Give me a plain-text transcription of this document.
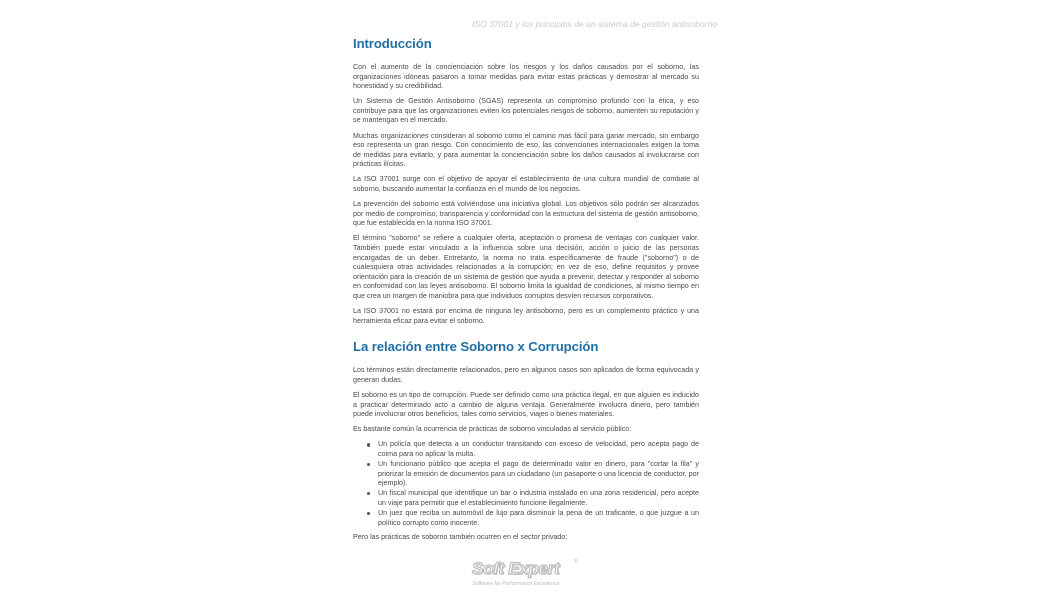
ISO 37001 y los principios de un sistema de gestión antisoborno
Introducción

Con el aumento de la concienciación sobre los riesgos y los daños causados por el soborno, las organizaciones idóneas pasaron a tomar medidas para evitar estas prácticas y demostrar al mercado su honestidad y su credibilidad.

Un Sistema de Gestión Antisoborno (SGAS) representa un compromiso profundo con la ética, y eso contribuye para que las organizaciones eviten los potenciales riesgos de soborno, aumenten su reputación y se mantengan en el mercado.

Muchas organizaciones consideran al soborno como el camino mas fácil para ganar mercado, sin embargo eso representa un gran riesgo. Con conocimiento de eso, las convenciones internacionales exigen la toma de medidas para evitarlo, y para aumentar la concienciación sobre los daños causados al involucrarse con prácticas ilícitas.

La ISO 37001 surge con el objetivo de apoyar el establecimiento de una cultura mundial de combate al soborno, buscando aumentar la confianza en el mundo de los negocios.

La prevención del soborno está volviéndose una iniciativa global. Los objetivos sólo podrán ser alcanzados por medio de compromiso, transparencia y conformidad con la estructura del sistema de gestión antisoborno, que fue establecida en la norma ISO 37001.

El término "soborno" se refiere a cualquier oferta, aceptación o promesa de ventajas con cualquier valor. También puede estar vinculado a la influencia sobre una decisión, acción o juicio de las personas encargadas de un deber. Entretanto, la norma no trata específicamente de fraude ("soborno") o de cualesquiera otras actividades relacionadas a la corrupción; en vez de eso, define requisitos y provee orientación para la creación de un sistema de gestión que ayuda a prevenir, detectar y responder al soborno en conformidad con las leyes antisoborno. El soborno limita la igualdad de condiciones, al mismo tiempo en que crea un margen de maniobra para que individuos corruptos desvíen recursos corporativos.

La ISO 37001 no estará por encima de ninguna ley antisoborno, pero es un complemento práctico y una herramienta eficaz para evitar el soborno.

La relación entre Soborno x Corrupción

Los términos están directamente relacionados, pero en algunos casos son aplicados de forma equivocada y generan dudas.

El soborno es un tipo de corrupción. Puede ser definido como una práctica ilegal, en que alguien es inducido a practicar determinado acto a cambio de alguna ventaja. Generalmente involucra dinero, pero también puede involucrar otros beneficios, tales como servicios, viajes o bienes materiales.

Es bastante común la ocurrencia de prácticas de soborno vinculadas al servicio público:

Un policía que detecta a un conductor transitando con exceso de velocidad, pero acepta pago de coima para no aplicar la multa.
Un funcionario público que acepta el pago de determinado valor en dinero, para "cortar la fila" y priorizar la emisión de documentos para un ciudadano (un pasaporte o una licencia de conductor, por ejemplo).
Un fiscal municipal que identifique un bar o industria instalado en una zona residencial, pero acepte un viaje para permitir que el establecimiento funcione ilegalmente.
Un juez que reciba un automóvil de lujo para disminuir la pena de un traficante, o que juzgue a un político corrupto como inocente.

Pero las prácticas de soborno también ocurren en el sector privado:

Soft Expert	®
Software for Performance Excellence
